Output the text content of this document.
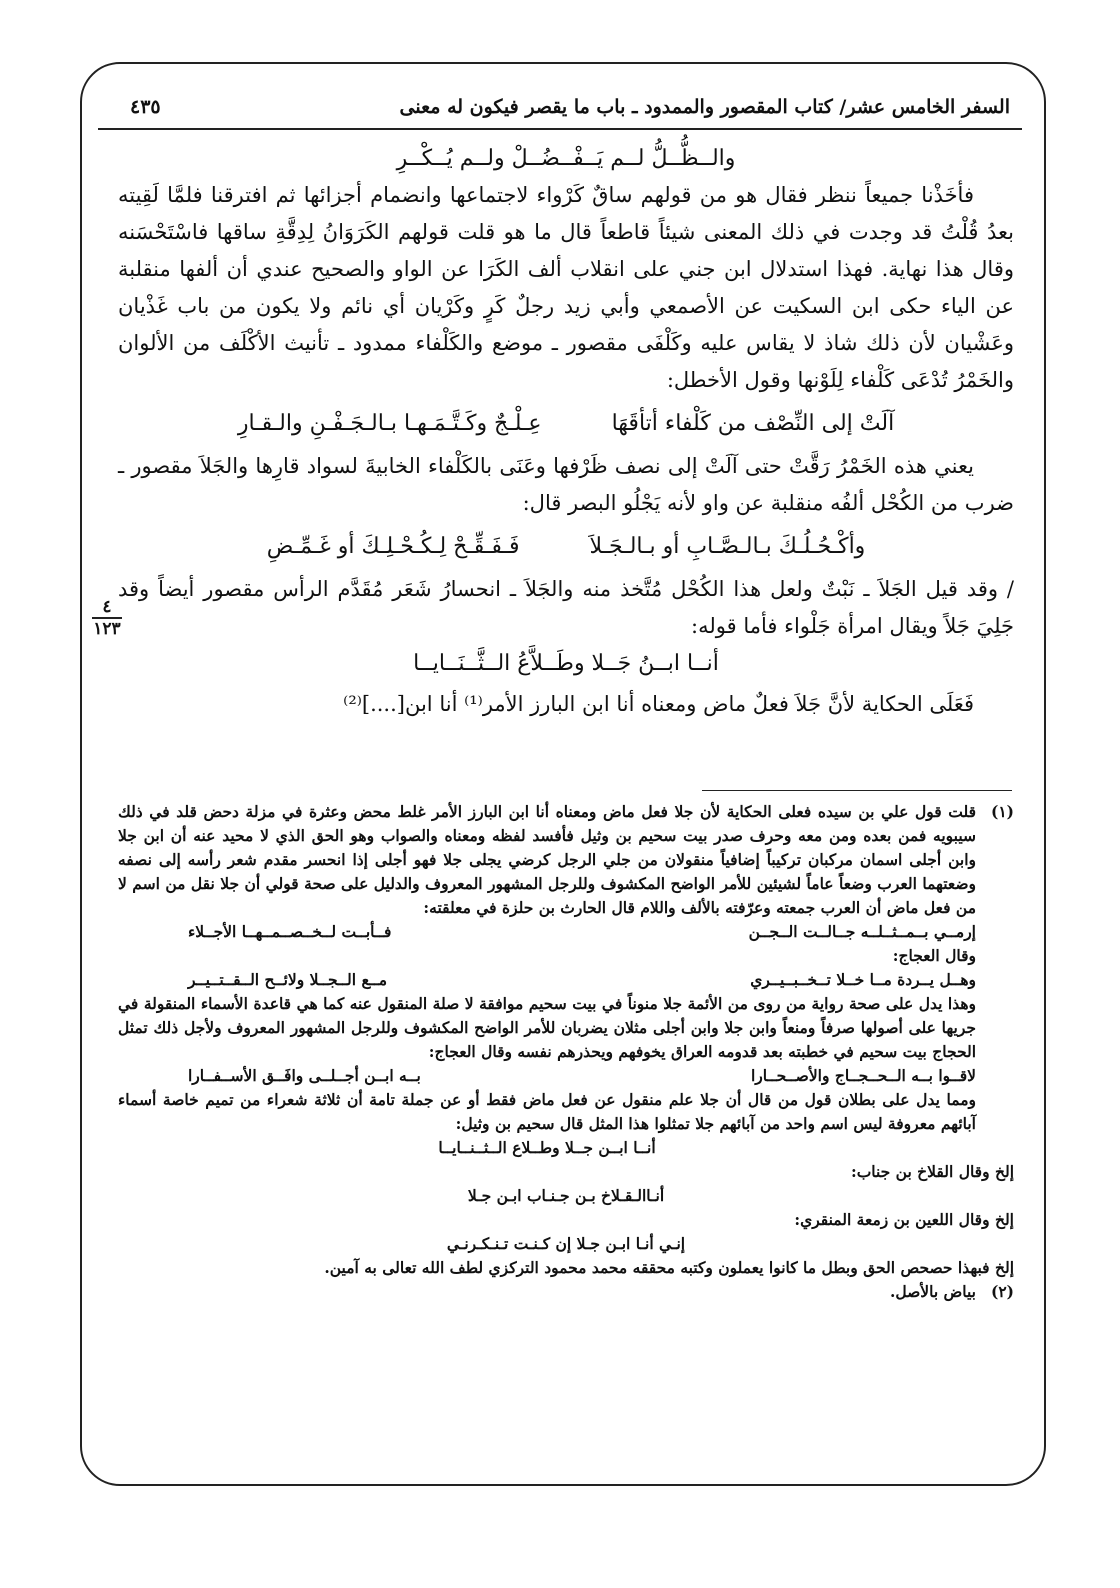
السفر الخامس عشر/ كتاب المقصور والممدود ـ باب ما يقصر فيكون له معنى
٤٣٥
٤
١٢٣

والــظُّــلُّ لــم يَــفْــضُــلْ ولــم يُــكْــرِ

فأخَذْنا جميعاً ننظر فقال هو من قولهم ساقٌ كَرْواء لاجتماعها وانضمام أجزائها ثم افترقنا فلمَّا لَقِيته بعدُ قُلْتُ قد وجدت في ذلك المعنى شيئاً قاطعاً قال ما هو قلت قولهم الكَرَوَانُ لِدِقَّةِ ساقها فاسْتَحْسَنه وقال هذا نهاية. فهذا استدلال ابن جني على انقلاب ألف الكَرَا عن الواو والصحيح عندي أن ألفها منقلبة عن الياء حكى ابن السكيت عن الأصمعي وأبي زيد رجلٌ كَرٍ وكَرْيان أي نائم ولا يكون من باب غَذْيان وعَشْيان لأن ذلك شاذ لا يقاس عليه وكَلْفَى مقصور ـ موضع والكَلْفاء ممدود ـ تأنيث الأكْلَف من الألوان والخَمْرُ تُدْعَى كَلْفاء لِلَوْنها وقول الأخطل:

آلَتْ إلى النِّصْف من كَلْفاء أتأقَهَا
عِـلْـجٌ وكَـتَّـمَـهـا بـالـجَـفْـنِ والـقـارِ

يعني هذه الخَمْرُ رَقَّتْ حتى آلَتْ إلى نصف ظَرْفها وعَنَى بالكَلْفاء الخابيةَ لسواد قارِها والجَلاَ مقصور ـ ضرب من الكُحْل ألفُه منقلبة عن واو لأنه يَجْلُو البصر قال:

وأكْـحُـلُـكَ بـالـصَّـابِ أو بـالـجَـلاَ
فَـفَـقِّـحْ لِـكُـحْـلِـكَ أو غَـمِّـضِ

/ وقد قيل الجَلاَ ـ نَبْتٌ ولعل هذا الكُحْل مُتَّخذ منه والجَلاَ ـ انحسارُ شَعَر مُقَدَّم الرأس مقصور أيضاً وقد جَلِيَ جَلاً ويقال امرأة جَلْواء فأما قوله:

أنــا ابــنُ جَــلا وطَــلاَّعُ الــثَّــنَــايــا

فَعَلَى الحكاية لأنَّ جَلاَ فعلٌ ماض ومعناه أنا ابن البارز الأمر⁽¹⁾ أنا ابن[....]⁽²⁾

(١)

قلت قول علي بن سيده فعلى الحكاية لأن جلا فعل ماض ومعناه أنا ابن البارز الأمر غلط محض وعثرة في مزلة دحض قلد في ذلك سيبويه فمن بعده ومن معه وحرف صدر بيت سحيم بن وثيل فأفسد لفظه ومعناه والصواب وهو الحق الذي لا محيد عنه أن ابن جلا وابن أجلى اسمان مركبان تركيباً إضافياً منقولان من جلي الرجل كرضي يجلى جلا فهو أجلى إذا انحسر مقدم شعر رأسه إلى نصفه وضعتهما العرب وضعاً عاماً لشيئين للأمر الواضح المكشوف وللرجل المشهور المعروف والدليل على صحة قولي أن جلا نقل من اسم لا من فعل ماض أن العرب جمعته وعرّفته بالألف واللام قال الحارث بن حلزة في معلقته:

إرمــي بــمــثــلــه جــالــت الــجــن
فــأبــت لــخــصــمــهــا الأجــلاء

وقال العجاج:

وهــل يــردة مــا خــلا تــخــبــيــري
مــع الــجــلا ولائــح الــقــتــيــر

وهذا يدل على صحة رواية من روى من الأئمة جلا منوناً في بيت سحيم موافقة لا صلة المنقول عنه كما هي قاعدة الأسماء المنقولة في جريها على أصولها صرفاً ومنعاً وابن جلا وابن أجلى مثلان يضربان للأمر الواضح المكشوف وللرجل المشهور المعروف ولأجل ذلك تمثل الحجاج بيت سحيم في خطبته بعد قدومه العراق يخوفهم ويحذرهم نفسه وقال العجاج:

لاقــوا بــه الــحــجــاج والأصــحــارا
بــه ابــن أجــلــى وافَــق الأســفــارا

ومما يدل على بطلان قول من قال أن جلا علم منقول عن فعل ماض فقط أو عن جملة تامة أن ثلاثة شعراء من تميم خاصة أسماء آبائهم معروفة ليس اسم واحد من آبائهم جلا تمثلوا هذا المثل قال سحيم بن وثيل:

أنــا ابــن جــلا وطــلاع الــثــنــايــا

إلخ وقال القلاخ بن جناب:

أنـاالـقـلاخ بـن جـنـاب ابـن جـلا

إلخ وقال اللعين بن زمعة المنقري:

إنـي أنـا ابـن جـلا إن كـنـت تـنـكـرنـي

إلخ فبهذا حصحص الحق وبطل ما كانوا يعملون وكتبه محققه محمد محمود التركزي لطف الله تعالى به آمين.

(٢)
بياض بالأصل.
